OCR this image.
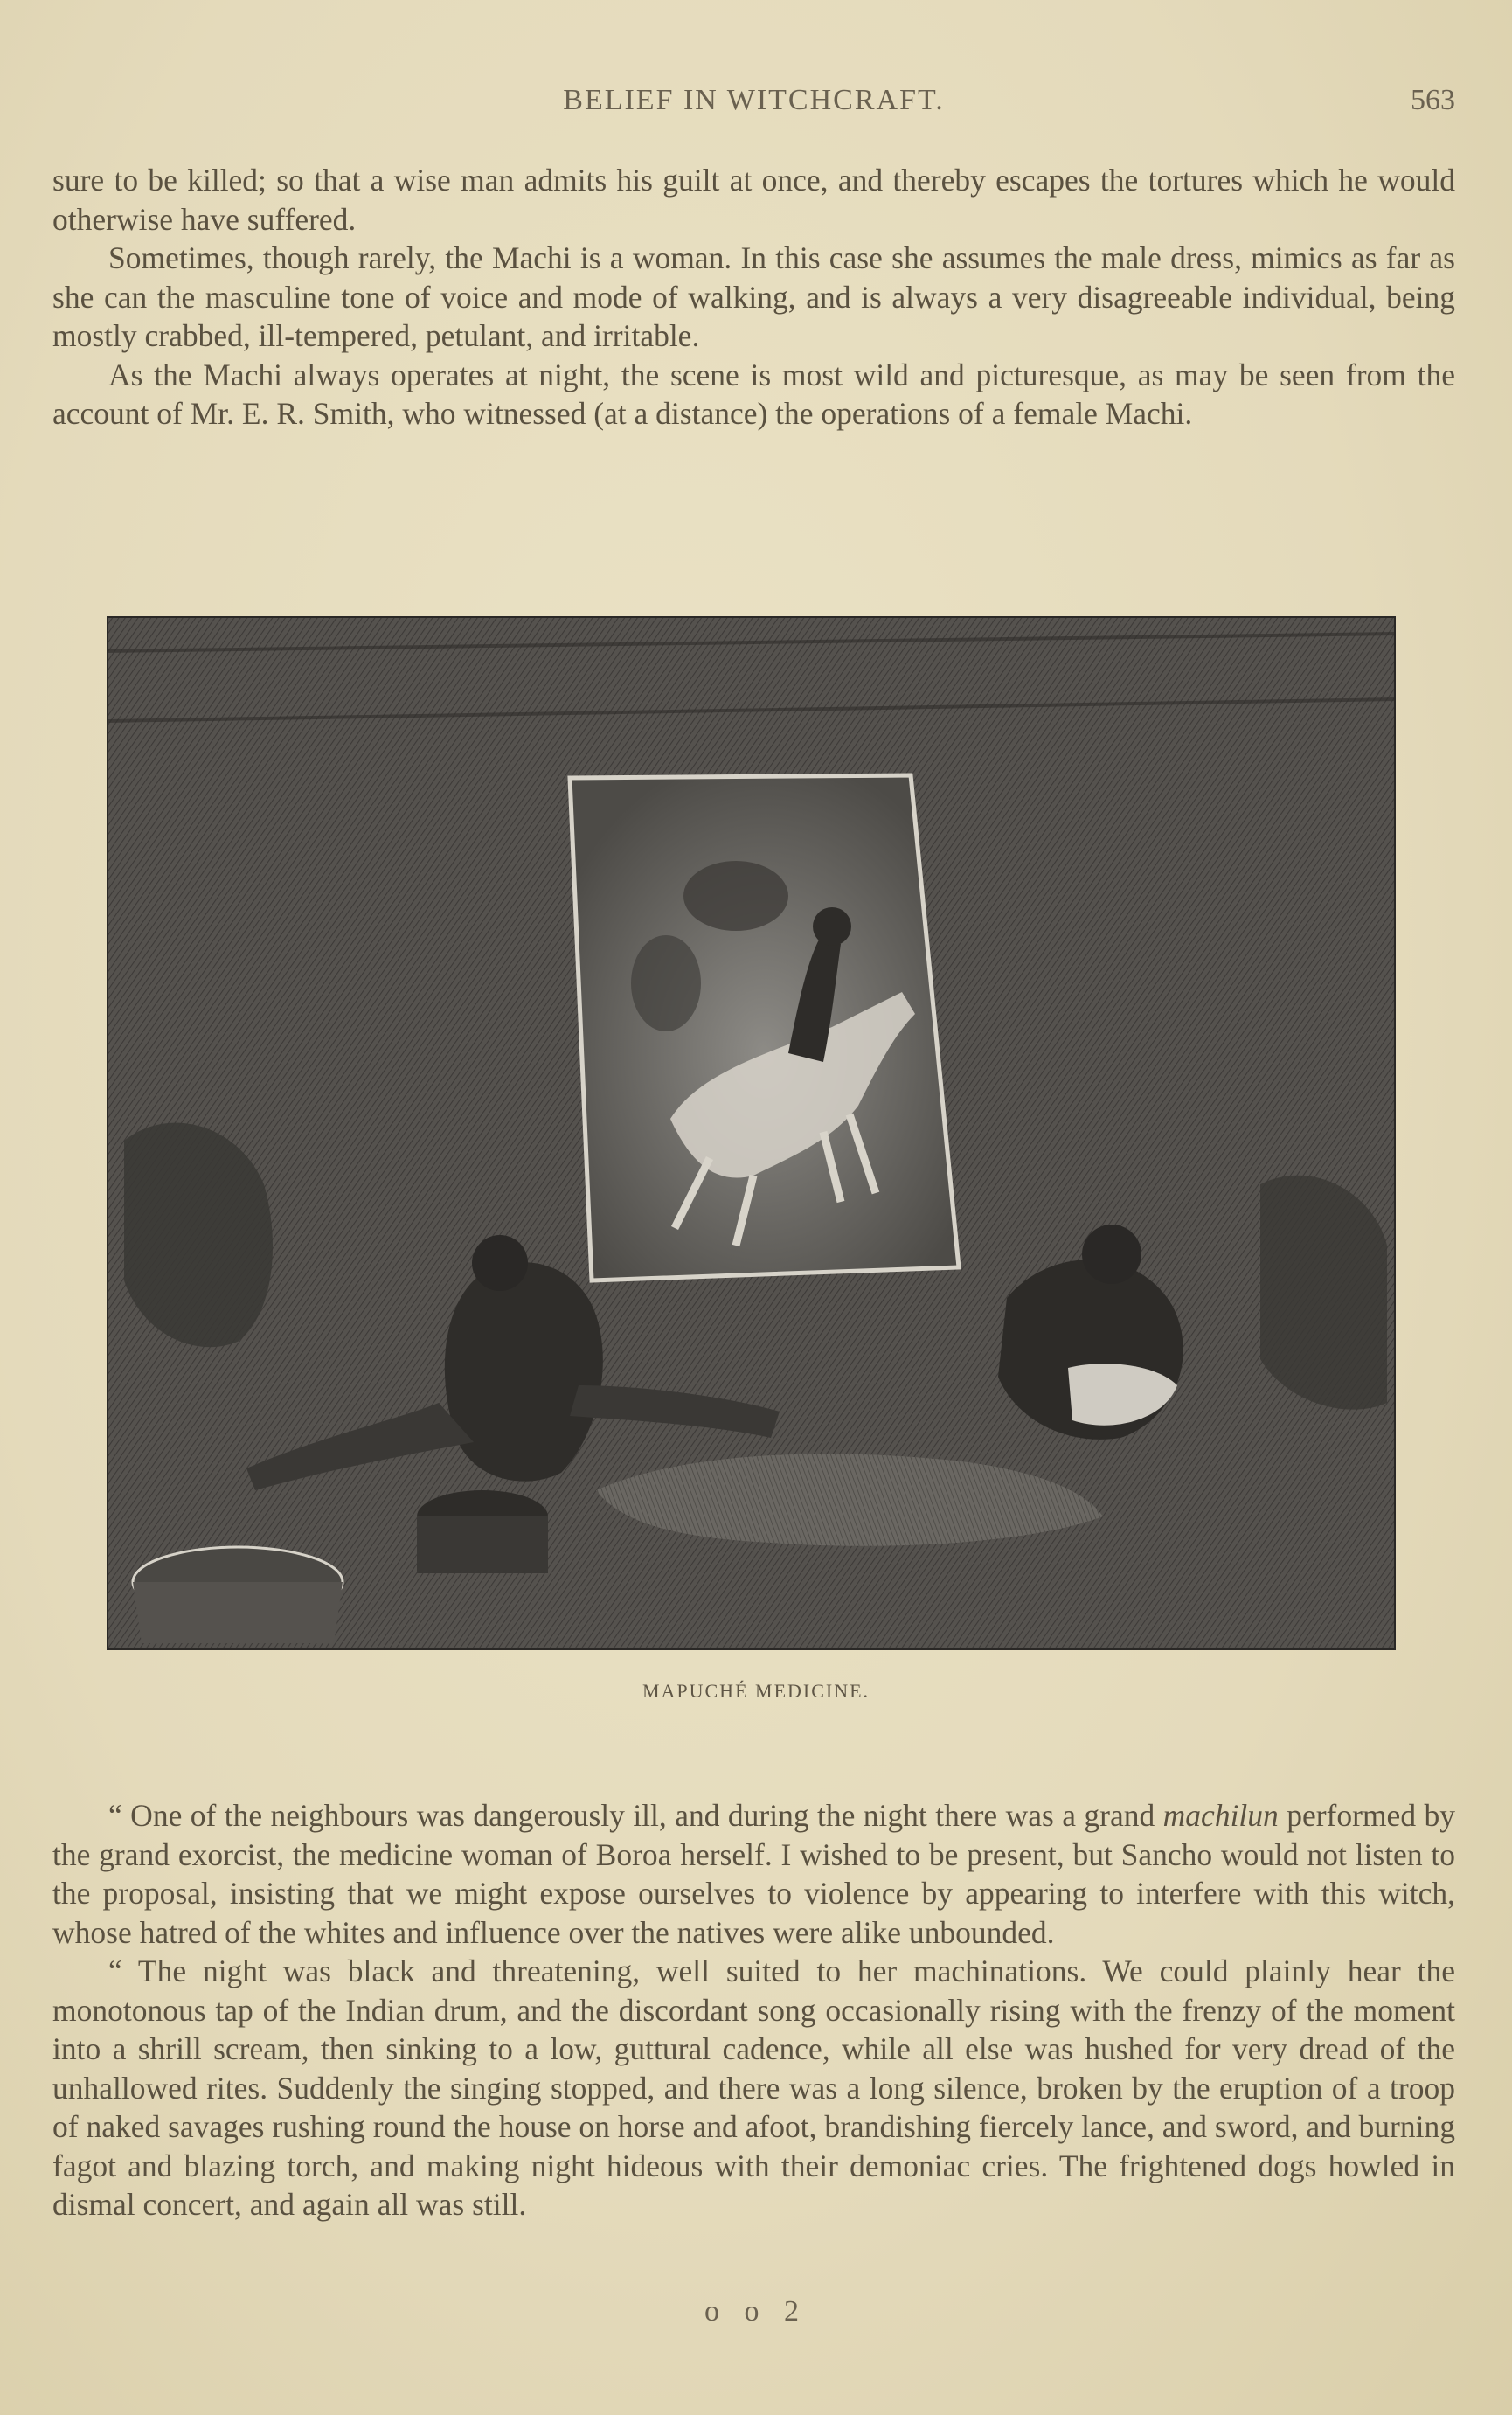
BELIEF IN WITCHCRAFT.	563

sure to be killed; so that a wise man admits his guilt at once, and thereby escapes the tortures which he would otherwise have suffered.

Sometimes, though rarely, the Machi is a woman. In this case she assumes the male dress, mimics as far as she can the masculine tone of voice and mode of walking, and is always a very disagreeable individual, being mostly crabbed, ill-tempered, petulant, and irritable.

As the Machi always operates at night, the scene is most wild and picturesque, as may be seen from the account of Mr. E. R. Smith, who witnessed (at a distance) the operations of a female Machi.

MAPUCHÉ MEDICINE.

“ One of the neighbours was dangerously ill, and during the night there was a grand machilun performed by the grand exorcist, the medicine woman of Boroa herself. I wished to be present, but Sancho would not listen to the proposal, insisting that we might expose ourselves to violence by appearing to interfere with this witch, whose hatred of the whites and influence over the natives were alike unbounded.

“ The night was black and threatening, well suited to her machinations. We could plainly hear the monotonous tap of the Indian drum, and the discordant song occasionally rising with the frenzy of the moment into a shrill scream, then sinking to a low, guttural cadence, while all else was hushed for very dread of the unhallowed rites. Suddenly the singing stopped, and there was a long silence, broken by the eruption of a troop of naked savages rushing round the house on horse and afoot, brandishing fiercely lance, and sword, and burning fagot and blazing torch, and making night hideous with their demoniac cries. The frightened dogs howled in dismal concert, and again all was still.

o o 2
